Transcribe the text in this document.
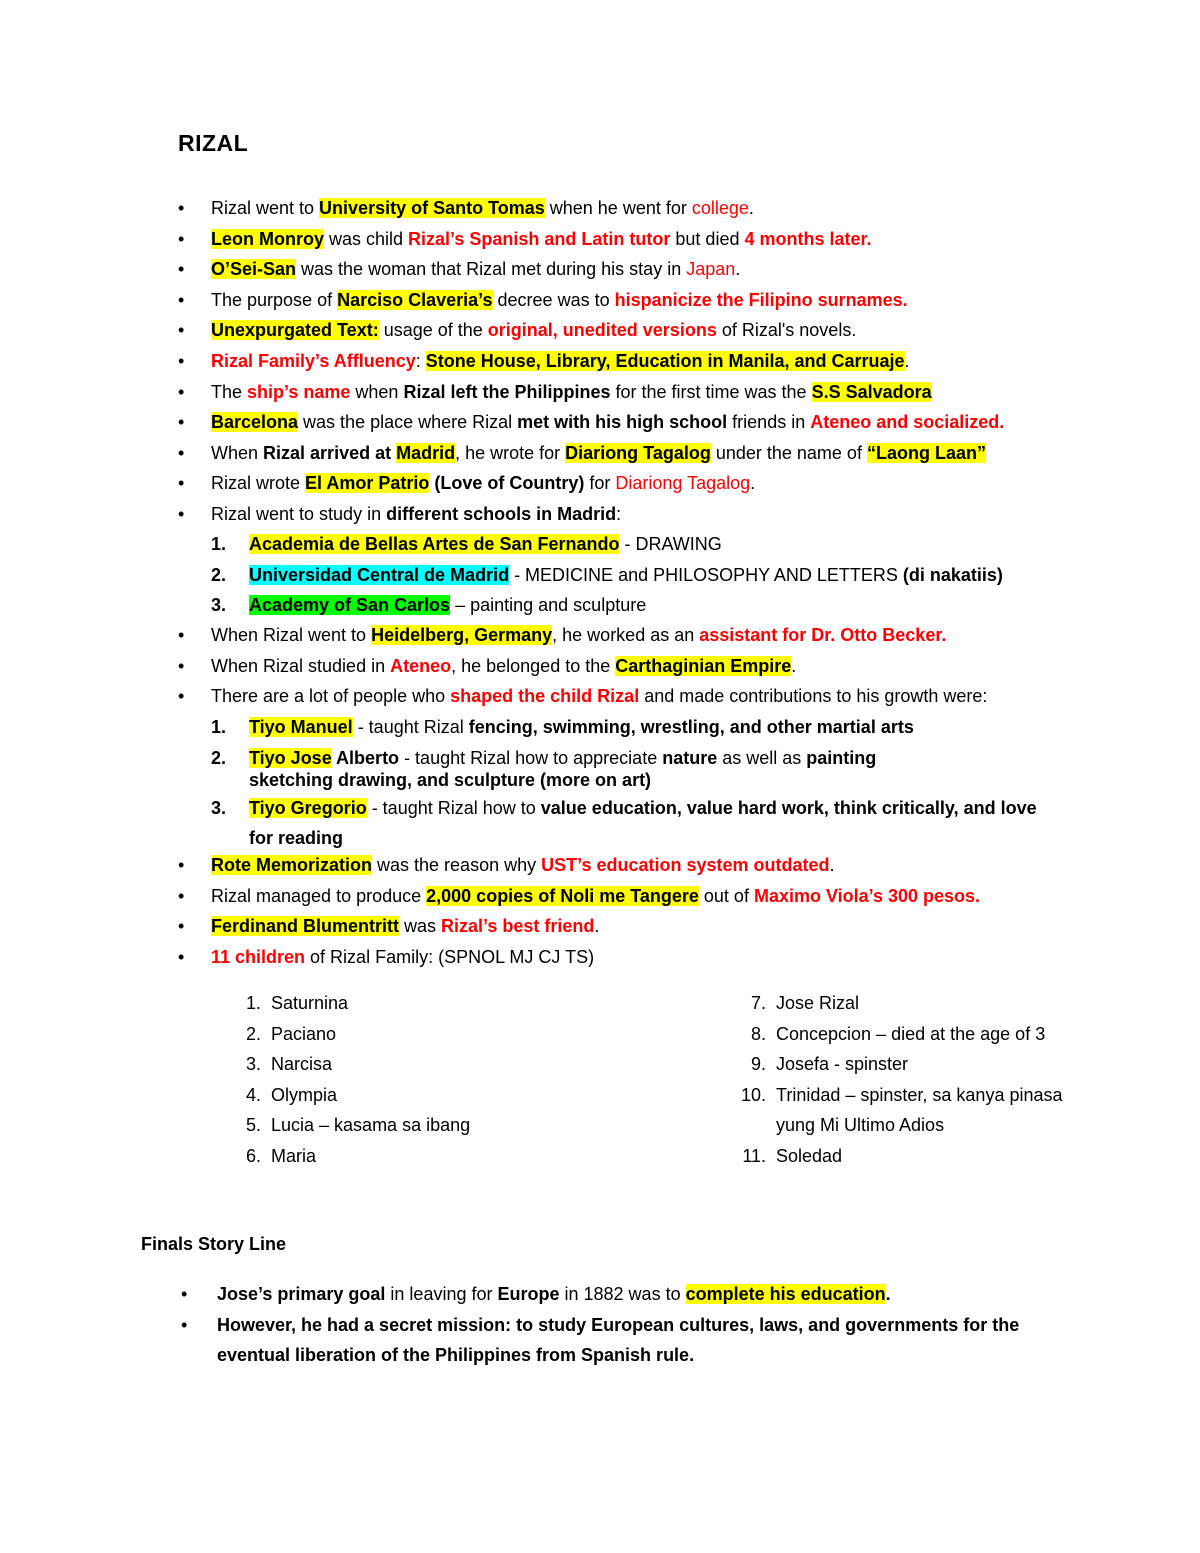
RIZAL
• Rizal went to University of Santo Tomas when he went for college.
• Leon Monroy was child Rizal’s Spanish and Latin tutor but died 4 months later.
• O’Sei-San was the woman that Rizal met during his stay in Japan.
• The purpose of Narciso Claveria’s decree was to hispanicize the Filipino surnames.
• Unexpurgated Text: usage of the original, unedited versions of Rizal's novels.
• Rizal Family’s Affluency: Stone House, Library, Education in Manila, and Carruaje.
• The ship’s name when Rizal left the Philippines for the first time was the S.S Salvadora
• Barcelona was the place where Rizal met with his high school friends in Ateneo and socialized.
• When Rizal arrived at Madrid, he wrote for Diariong Tagalog under the name of “Laong Laan”
• Rizal wrote El Amor Patrio (Love of Country) for Diariong Tagalog.
• Rizal went to study in different schools in Madrid:
1. Academia de Bellas Artes de San Fernando - DRAWING
2. Universidad Central de Madrid - MEDICINE and PHILOSOPHY AND LETTERS (di nakatiis)
3. Academy of San Carlos – painting and sculpture
• When Rizal went to Heidelberg, Germany, he worked as an assistant for Dr. Otto Becker.
• When Rizal studied in Ateneo, he belonged to the Carthaginian Empire.
• There are a lot of people who shaped the child Rizal and made contributions to his growth were:
1. Tiyo Manuel - taught Rizal fencing, swimming, wrestling, and other martial arts
2. Tiyo Jose Alberto - taught Rizal how to appreciate nature as well as painting sketching drawing, and sculpture (more on art)
3. Tiyo Gregorio - taught Rizal how to value education, value hard work, think critically, and love for reading
• Rote Memorization was the reason why UST’s education system outdated.
• Rizal managed to produce 2,000 copies of Noli me Tangere out of Maximo Viola’s 300 pesos.
• Ferdinand Blumentritt was Rizal’s best friend.
• 11 children of Rizal Family: (SPNOL MJ CJ TS)
1. Saturnina
2. Paciano
3. Narcisa
4. Olympia
5. Lucia – kasama sa ibang
6. Maria
7. Jose Rizal
8. Concepcion – died at the age of 3
9. Josefa - spinster
10. Trinidad – spinster, sa kanya pinasa yung Mi Ultimo Adios
11. Soledad
Finals Story Line
• Jose’s primary goal in leaving for Europe in 1882 was to complete his education.
• However, he had a secret mission: to study European cultures, laws, and governments for the eventual liberation of the Philippines from Spanish rule.
